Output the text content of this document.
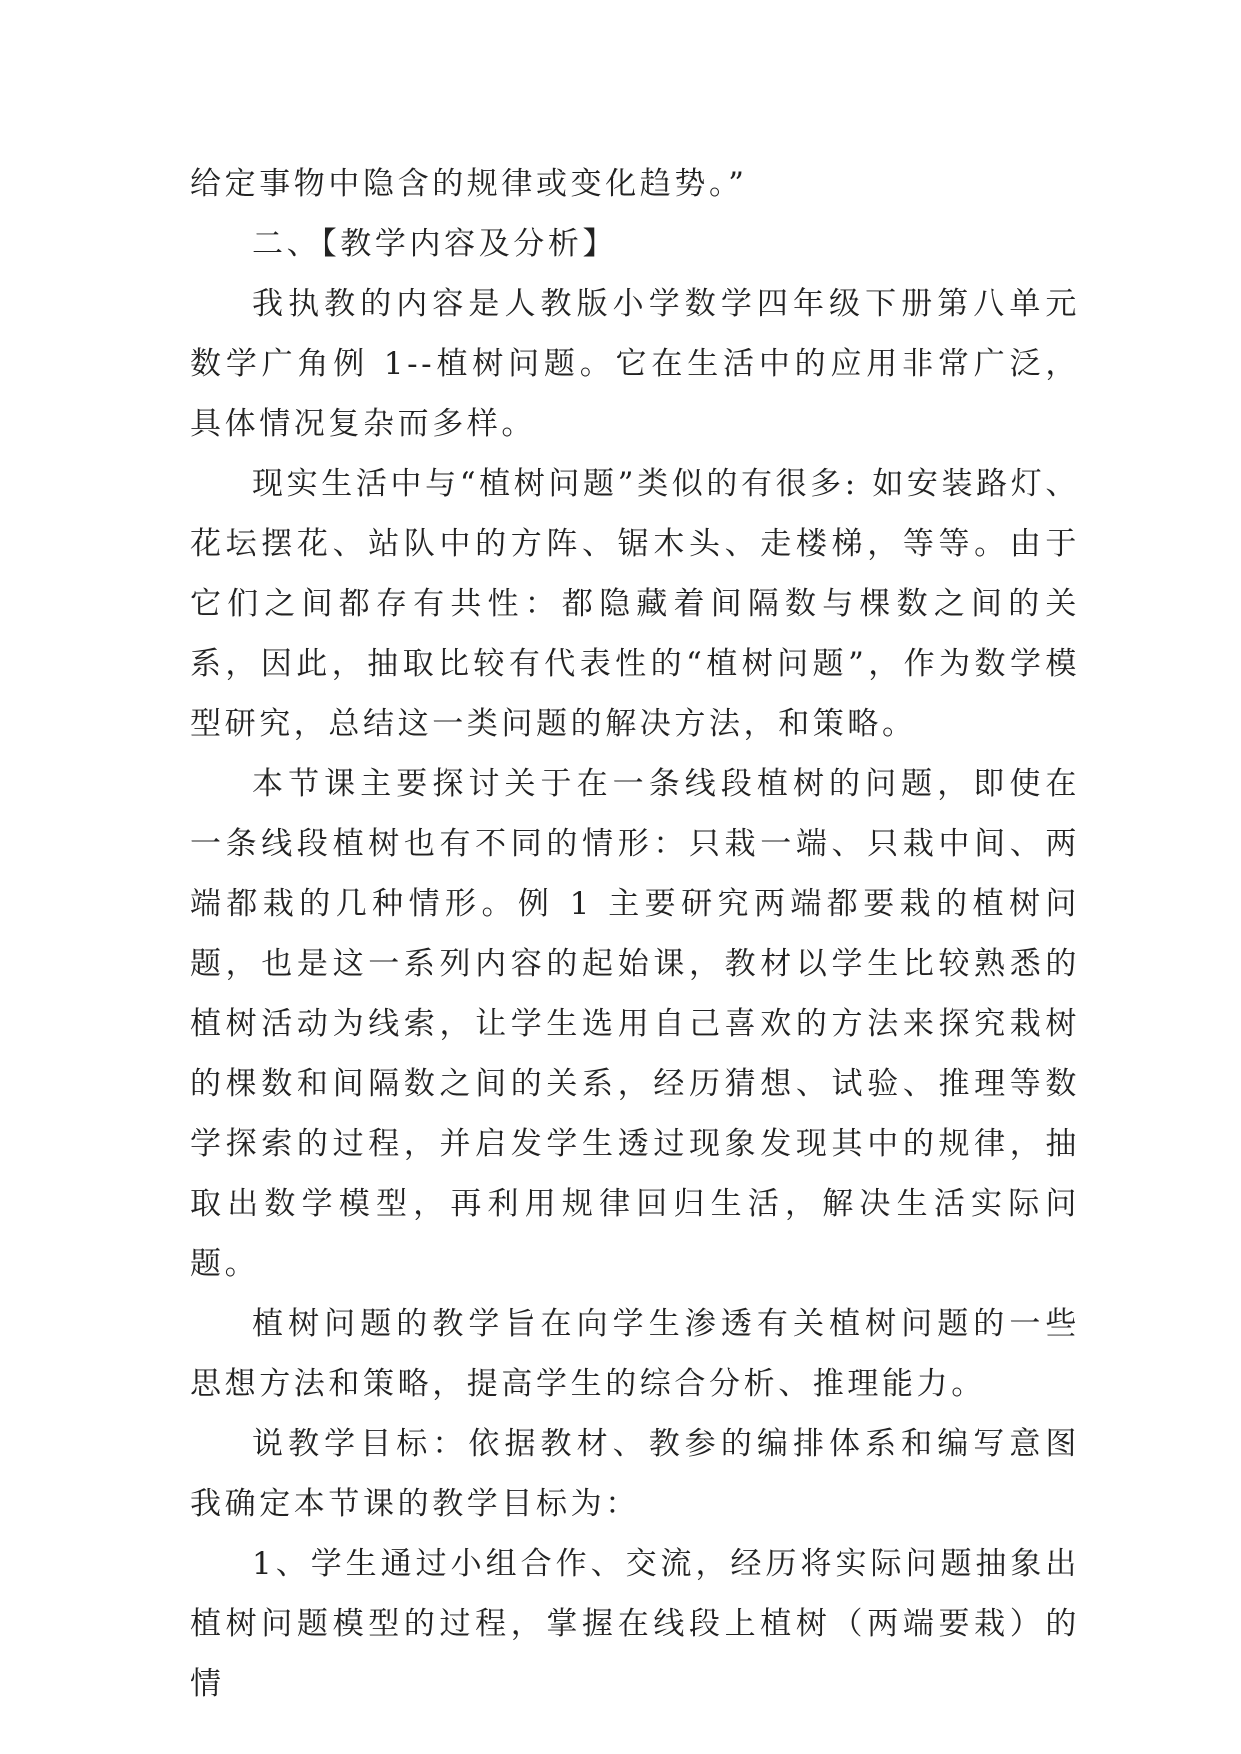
给定事物中隐含的规律或变化趋势。”

二、【教学内容及分析】

我执教的内容是人教版小学数学四年级下册第八单元数学广角例 1--植树问题。它在生活中的应用非常广泛，具体情况复杂而多样。

现实生活中与“植树问题”类似的有很多: 如安装路灯、花坛摆花、站队中的方阵、锯木头、走楼梯，等等。由于它们之间都存有共性：都隐藏着间隔数与棵数之间的关系，因此，抽取比较有代表性的“植树问题”，作为数学模型研究，总结这一类问题的解决方法，和策略。

本节课主要探讨关于在一条线段植树的问题，即使在一条线段植树也有不同的情形：只栽一端、只栽中间、两端都栽的几种情形。例 1 主要研究两端都要栽的植树问题，也是这一系列内容的起始课，教材以学生比较熟悉的植树活动为线索，让学生选用自己喜欢的方法来探究栽树的棵数和间隔数之间的关系，经历猜想、试验、推理等数学探索的过程，并启发学生透过现象发现其中的规律，抽取出数学模型，再利用规律回归生活，解决生活实际问题。

植树问题的教学旨在向学生渗透有关植树问题的一些思想方法和策略，提高学生的综合分析、推理能力。

说教学目标：依据教材、教参的编排体系和编写意图我确定本节课的教学目标为：

1、学生通过小组合作、交流，经历将实际问题抽象出植树问题模型的过程，掌握在线段上植树（两端要栽）的情
